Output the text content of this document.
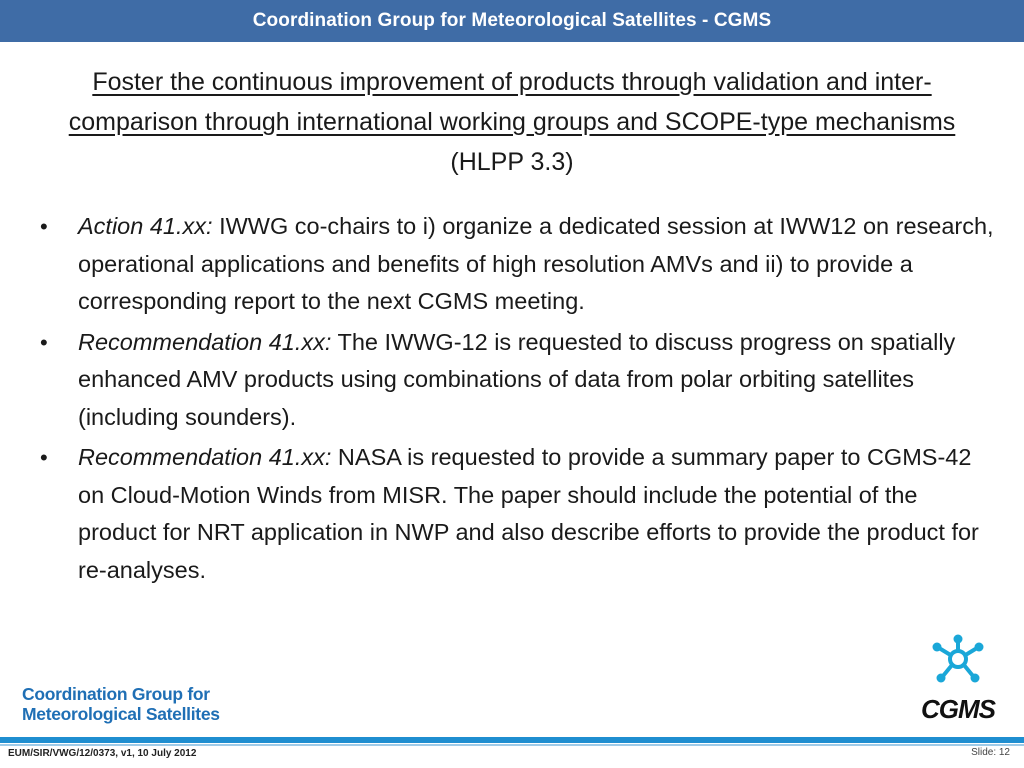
Coordination Group for Meteorological Satellites - CGMS
Foster the continuous improvement of products through validation and inter-comparison through international working groups and SCOPE-type mechanisms (HLPP 3.3)
• Action 41.xx: IWWG co-chairs to i) organize a dedicated session at IWW12 on research, operational applications and benefits of high resolution AMVs and ii) to provide a corresponding report to the next CGMS meeting.
• Recommendation 41.xx: The IWWG-12 is requested to discuss progress on spatially enhanced AMV products using combinations of data from polar orbiting satellites (including sounders).
• Recommendation 41.xx: NASA is requested to provide a summary paper to CGMS-42 on Cloud-Motion Winds from MISR. The paper should include the potential of the product for NRT application in NWP and also describe efforts to provide the product for re-analyses.
Coordination Group for
Meteorological Satellites	CGMS
EUM/SIR/VWG/12/0373, v1, 10 July 2012	Slide: 12
